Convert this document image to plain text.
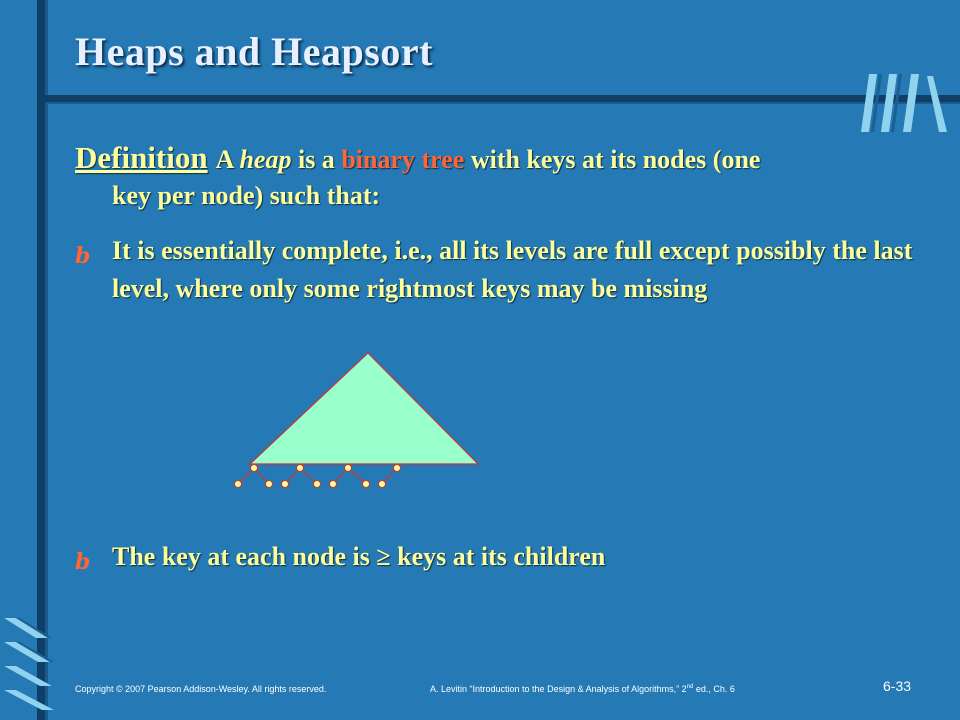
Heaps and Heapsort
Definition A heap is a binary tree with keys at its nodes (one
key per node) such that:
b It is essentially complete, i.e., all its levels are full except possibly the last level, where only some rightmost keys may be missing
b The key at each node is ≥ keys at its children
Copyright © 2007 Pearson Addison-Wesley. All rights reserved.	A. Levitin “Introduction to the Design & Analysis of Algorithms,” 2nd ed., Ch. 6	6-33
